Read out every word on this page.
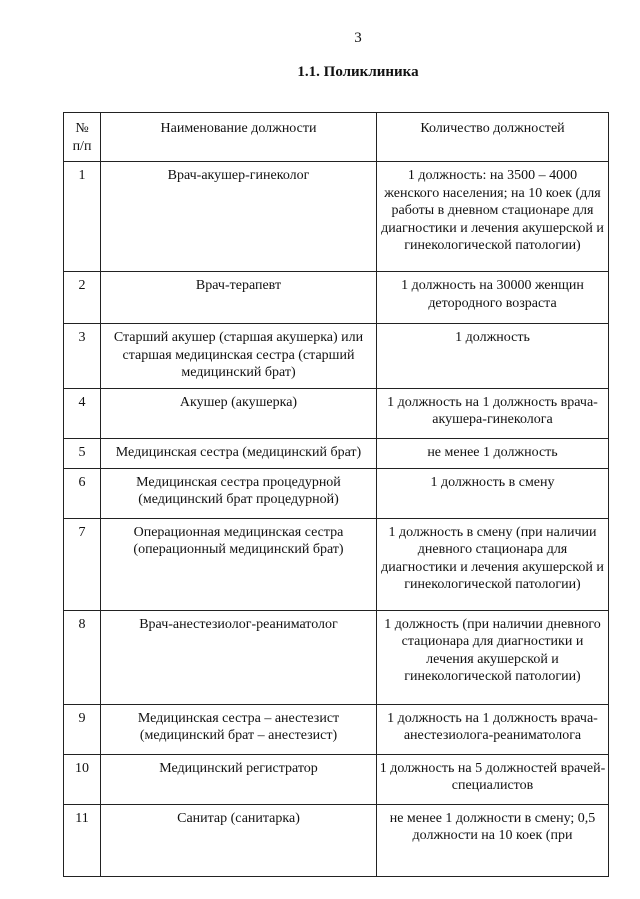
3
1.1. Поликлиника
№
п/п	Наименование должности	Количество должностей
1	Врач-акушер-гинеколог	1 должность: на 3500 – 4000 женского населения; на 10 коек (для работы в дневном стационаре для диагностики и лечения акушерской и гинекологической патологии)
2	Врач-терапевт	1 должность на 30000 женщин детородного возраста
3	Старший акушер (старшая акушерка) или старшая медицинская сестра (старший медицинский брат)	1 должность
4	Акушер (акушерка)	1 должность на 1 должность врача-акушера-гинеколога
5	Медицинская сестра (медицинский брат)	не менее 1 должность
6	Медицинская сестра процедурной (медицинский брат процедурной)	1 должность в смену
7	Операционная медицинская сестра (операционный медицинский брат)	1 должность в смену (при наличии дневного стационара для диагностики и лечения акушерской и гинекологической патологии)
8	Врач-анестезиолог-реаниматолог	1 должность (при наличии дневного стационара для диагностики и лечения акушерской и гинекологической патологии)
9	Медицинская сестра – анестезист (медицинский брат – анестезист)	1 должность на 1 должность врача-анестезиолога-реаниматолога
10	Медицинский регистратор	1 должность на 5 должностей врачей-специалистов
11	Санитар (санитарка)	не менее 1 должности в смену; 0,5 должности на 10 коек (при
